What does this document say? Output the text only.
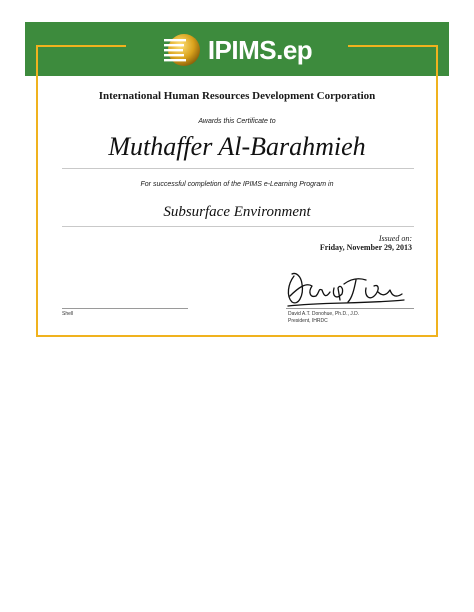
IPIMS.ep
International Human Resources Development Corporation
Awards this Certificate to
Muthaffer Al-Barahmieh
For successful completion of the IPIMS e-Learning Program in
Subsurface Environment
Issued on:
Friday, November 29, 2013
Shell	David A.T. Donohue, Ph.D., J.D.
President, IHRDC
